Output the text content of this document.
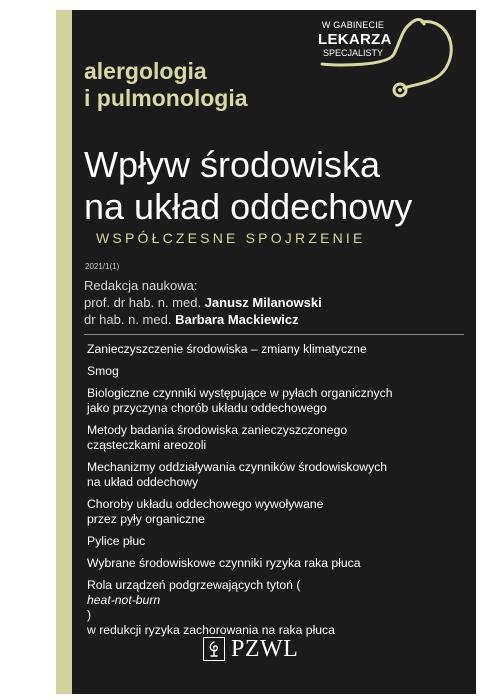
alergologia
i pulmonologia
W GABINECIE
LEKARZA
SPECJALISTY
Wpływ środowiska
na układ oddechowy
WSPÓŁCZESNE SPOJRZENIE
2021/1(1)
Redakcja naukowa:
prof. dr hab. n. med. Janusz Milanowski
dr hab. n. med. Barbara Mackiewicz
Zanieczyszczenie środowiska – zmiany klimatyczne
Smog
Biologiczne czynniki występujące w pyłach organicznych
jako przyczyna chorób układu oddechowego
Metody badania środowiska zanieczyszczonego
cząsteczkami areozoli
Mechanizmy oddziaływania czynników środowiskowych
na układ oddechowy
Choroby układu oddechowego wywoływane
przez pyły organiczne
Pylice płuc
Wybrane środowiskowe czynniki ryzyka raka płuca
Rola urządzeń podgrzewających tytoń (
heat-not-burn
)
w redukcji ryzyka zachorowania na raka płuca
PZWL
